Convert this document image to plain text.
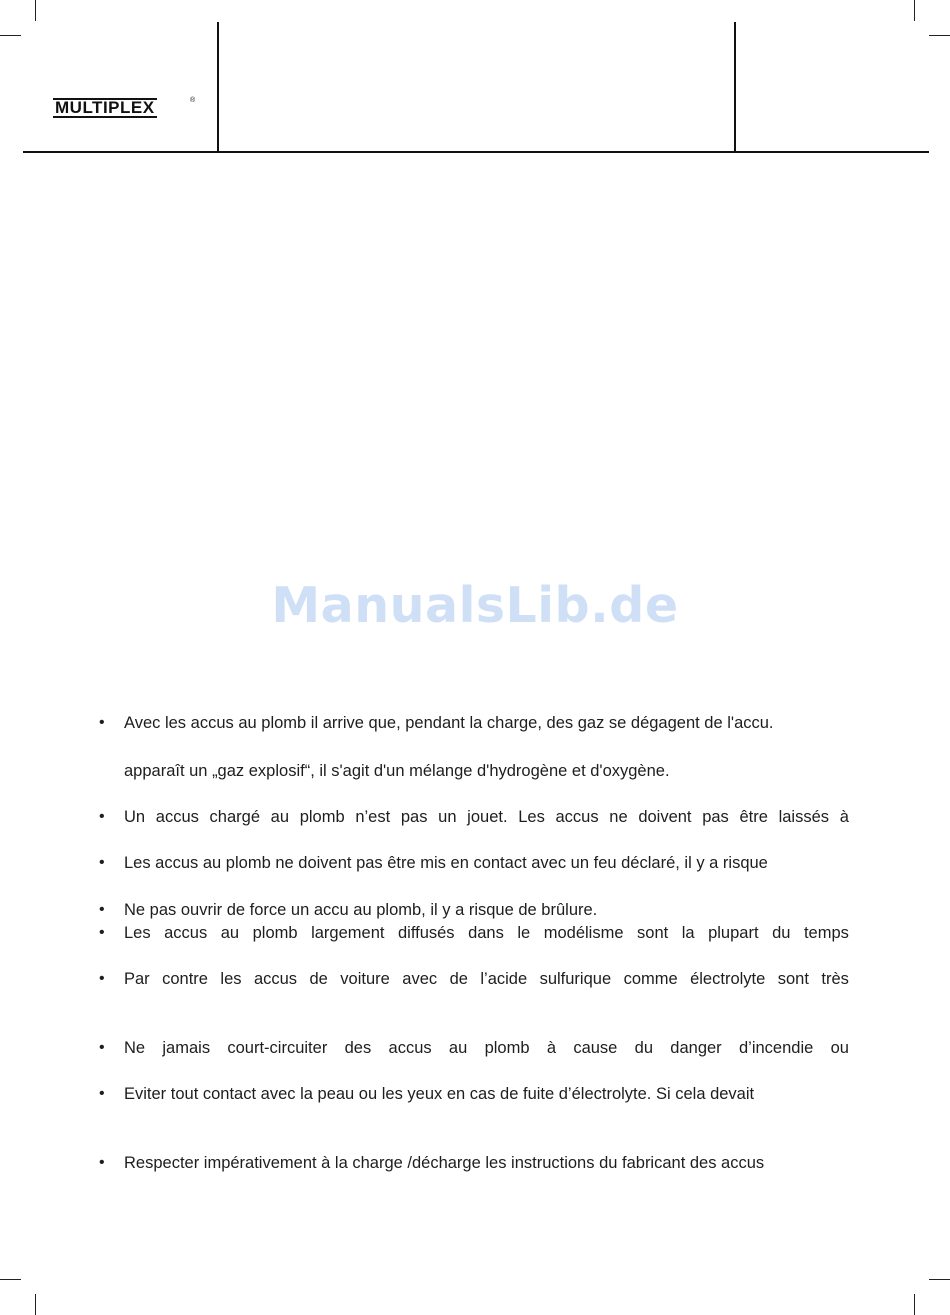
MULTIPLEX	®
ManualsLib.de
• Avec les accus au plomb il arrive que, pendant la charge, des gaz se dégagent de l'accu.
apparaît un „gaz explosif“, il s'agit d'un mélange d'hydrogène et d'oxygène.
• Un accus chargé au plomb n’est pas un jouet. Les accus ne doivent pas être laissés à
• Les accus au plomb ne doivent pas être mis en contact avec un feu déclaré, il y a risque
• Ne pas ouvrir de force un accu au plomb, il y a risque de brûlure.
• Les accus au plomb largement diffusés dans le modélisme sont la plupart du temps
• Par contre les accus de voiture avec de l’acide sulfurique comme électrolyte sont très
• Ne jamais court-circuiter des accus au plomb à cause du danger d’incendie ou
• Eviter tout contact avec la peau ou les yeux en cas de fuite d’électrolyte. Si cela devait
• Respecter impérativement à la charge /décharge les instructions du fabricant des accus
